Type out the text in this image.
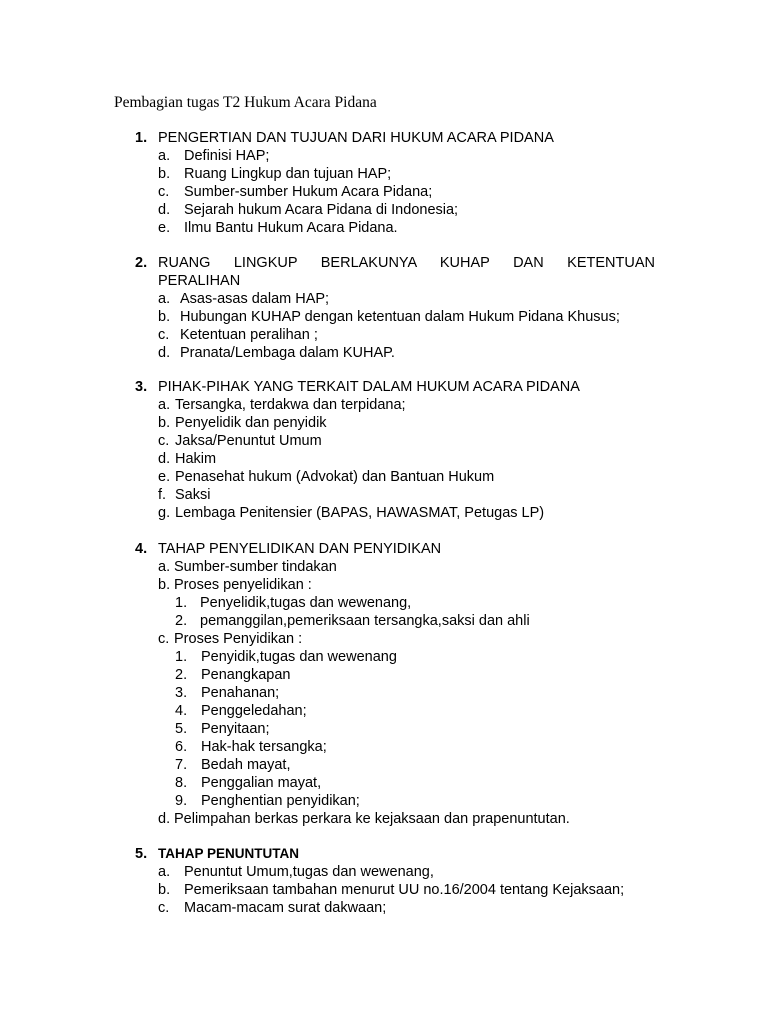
Pembagian tugas T2 Hukum Acara Pidana
1. PENGERTIAN DAN TUJUAN DARI HUKUM ACARA PIDANA
a. Definisi HAP;
b. Ruang Lingkup dan tujuan HAP;
c. Sumber-sumber Hukum Acara Pidana;
d. Sejarah hukum Acara Pidana di Indonesia;
e. Ilmu Bantu Hukum Acara Pidana.
2. RUANG LINGKUP BERLAKUNYA KUHAP DAN KETENTUAN
PERALIHAN
a. Asas-asas dalam HAP;
b. Hubungan KUHAP dengan ketentuan dalam Hukum Pidana Khusus;
c. Ketentuan peralihan ;
d. Pranata/Lembaga dalam KUHAP.
3. PIHAK-PIHAK YANG TERKAIT DALAM HUKUM ACARA PIDANA
a. Tersangka, terdakwa dan terpidana;
b. Penyelidik dan penyidik
c. Jaksa/Penuntut Umum
d. Hakim
e. Penasehat hukum (Advokat) dan Bantuan Hukum
f. Saksi
g. Lembaga Penitensier (BAPAS, HAWASMAT, Petugas LP)
4. TAHAP PENYELIDIKAN DAN PENYIDIKAN
a. Sumber-sumber tindakan
b. Proses penyelidikan :
1. Penyelidik,tugas dan wewenang,
2. pemanggilan,pemeriksaan tersangka,saksi dan ahli
c. Proses Penyidikan :
1. Penyidik,tugas dan wewenang
2. Penangkapan
3. Penahanan;
4. Penggeledahan;
5. Penyitaan;
6. Hak-hak tersangka;
7. Bedah mayat,
8. Penggalian mayat,
9. Penghentian penyidikan;
d. Pelimpahan berkas perkara ke kejaksaan dan prapenuntutan.
5. TAHAP PENUNTUTAN
a. Penuntut Umum,tugas dan wewenang,
b. Pemeriksaan tambahan menurut UU no.16/2004 tentang Kejaksaan;
c. Macam-macam surat dakwaan;
